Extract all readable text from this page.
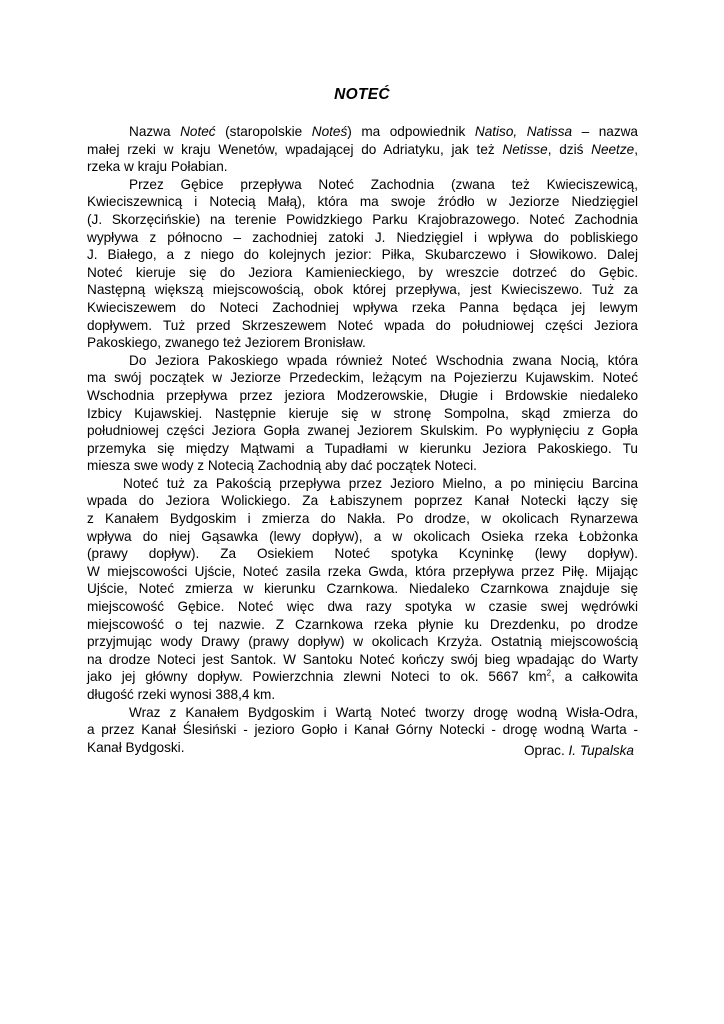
NOTEĆ

Nazwa Noteć (staropolskie Noteś) ma odpowiednik Natiso, Natissa – nazwa
małej rzeki w kraju Wenetów, wpadającej do Adriatyku, jak też Netisse, dziś Neetze,
rzeka w kraju Połabian.

Przez Gębice przepływa Noteć Zachodnia (zwana też Kwieciszewicą,
Kwieciszewnicą i Notecią Małą), która ma swoje źródło w Jeziorze Niedzięgiel
(J. Skorzęcińskie) na terenie Powidzkiego Parku Krajobrazowego. Noteć Zachodnia
wypływa z północno – zachodniej zatoki J. Niedzięgiel i wpływa do pobliskiego
J. Białego, a z niego do kolejnych jezior: Piłka, Skubarczewo i Słowikowo. Dalej
Noteć kieruje się do Jeziora Kamienieckiego, by wreszcie dotrzeć do Gębic.
Następną większą miejscowością, obok której przepływa, jest Kwieciszewo. Tuż za
Kwieciszewem do Noteci Zachodniej wpływa rzeka Panna będąca jej lewym
dopływem. Tuż przed Skrzeszewem Noteć wpada do południowej części Jeziora
Pakoskiego, zwanego też Jeziorem Bronisław.

Do Jeziora Pakoskiego wpada również Noteć Wschodnia zwana Nocią, która
ma swój początek w Jeziorze Przedeckim, leżącym na Pojezierzu Kujawskim. Noteć
Wschodnia przepływa przez jeziora Modzerowskie, Długie i Brdowskie niedaleko
Izbicy Kujawskiej. Następnie kieruje się w stronę Sompolna, skąd zmierza do
południowej części Jeziora Gopła zwanej Jeziorem Skulskim. Po wypłynięciu z Gopła
przemyka się między Mątwami a Tupadłami w kierunku Jeziora Pakoskiego. Tu
miesza swe wody z Notecią Zachodnią aby dać początek Noteci.

Noteć tuż za Pakością przepływa przez Jezioro Mielno, a po minięciu Barcina
wpada do Jeziora Wolickiego. Za Łabiszynem poprzez Kanał Notecki łączy się
z Kanałem Bydgoskim i zmierza do Nakła. Po drodze, w okolicach Rynarzewa
wpływa do niej Gąsawka (lewy dopływ), a w okolicach Osieka rzeka Łobżonka
(prawy dopływ). Za Osiekiem Noteć spotyka Kcyninkę (lewy dopływ).
W miejscowości Ujście, Noteć zasila rzeka Gwda, która przepływa przez Piłę. Mijając
Ujście, Noteć zmierza w kierunku Czarnkowa. Niedaleko Czarnkowa znajduje się
miejscowość Gębice. Noteć więc dwa razy spotyka w czasie swej wędrówki
miejscowość o tej nazwie. Z Czarnkowa rzeka płynie ku Drezdenku, po drodze
przyjmując wody Drawy (prawy dopływ) w okolicach Krzyża. Ostatnią miejscowością
na drodze Noteci jest Santok. W Santoku Noteć kończy swój bieg wpadając do Warty
jako jej główny dopływ. Powierzchnia zlewni Noteci to ok. 5667 $km^2$, a całkowita
długość rzeki wynosi 388,4 km.

Wraz z Kanałem Bydgoskim i Wartą Noteć tworzy drogę wodną Wisła-Odra,
a przez Kanał Ślesiński - jezioro Gopło i Kanał Górny Notecki - drogę wodną Warta -
Kanał Bydgoski.	Oprac. I. Tupalska
